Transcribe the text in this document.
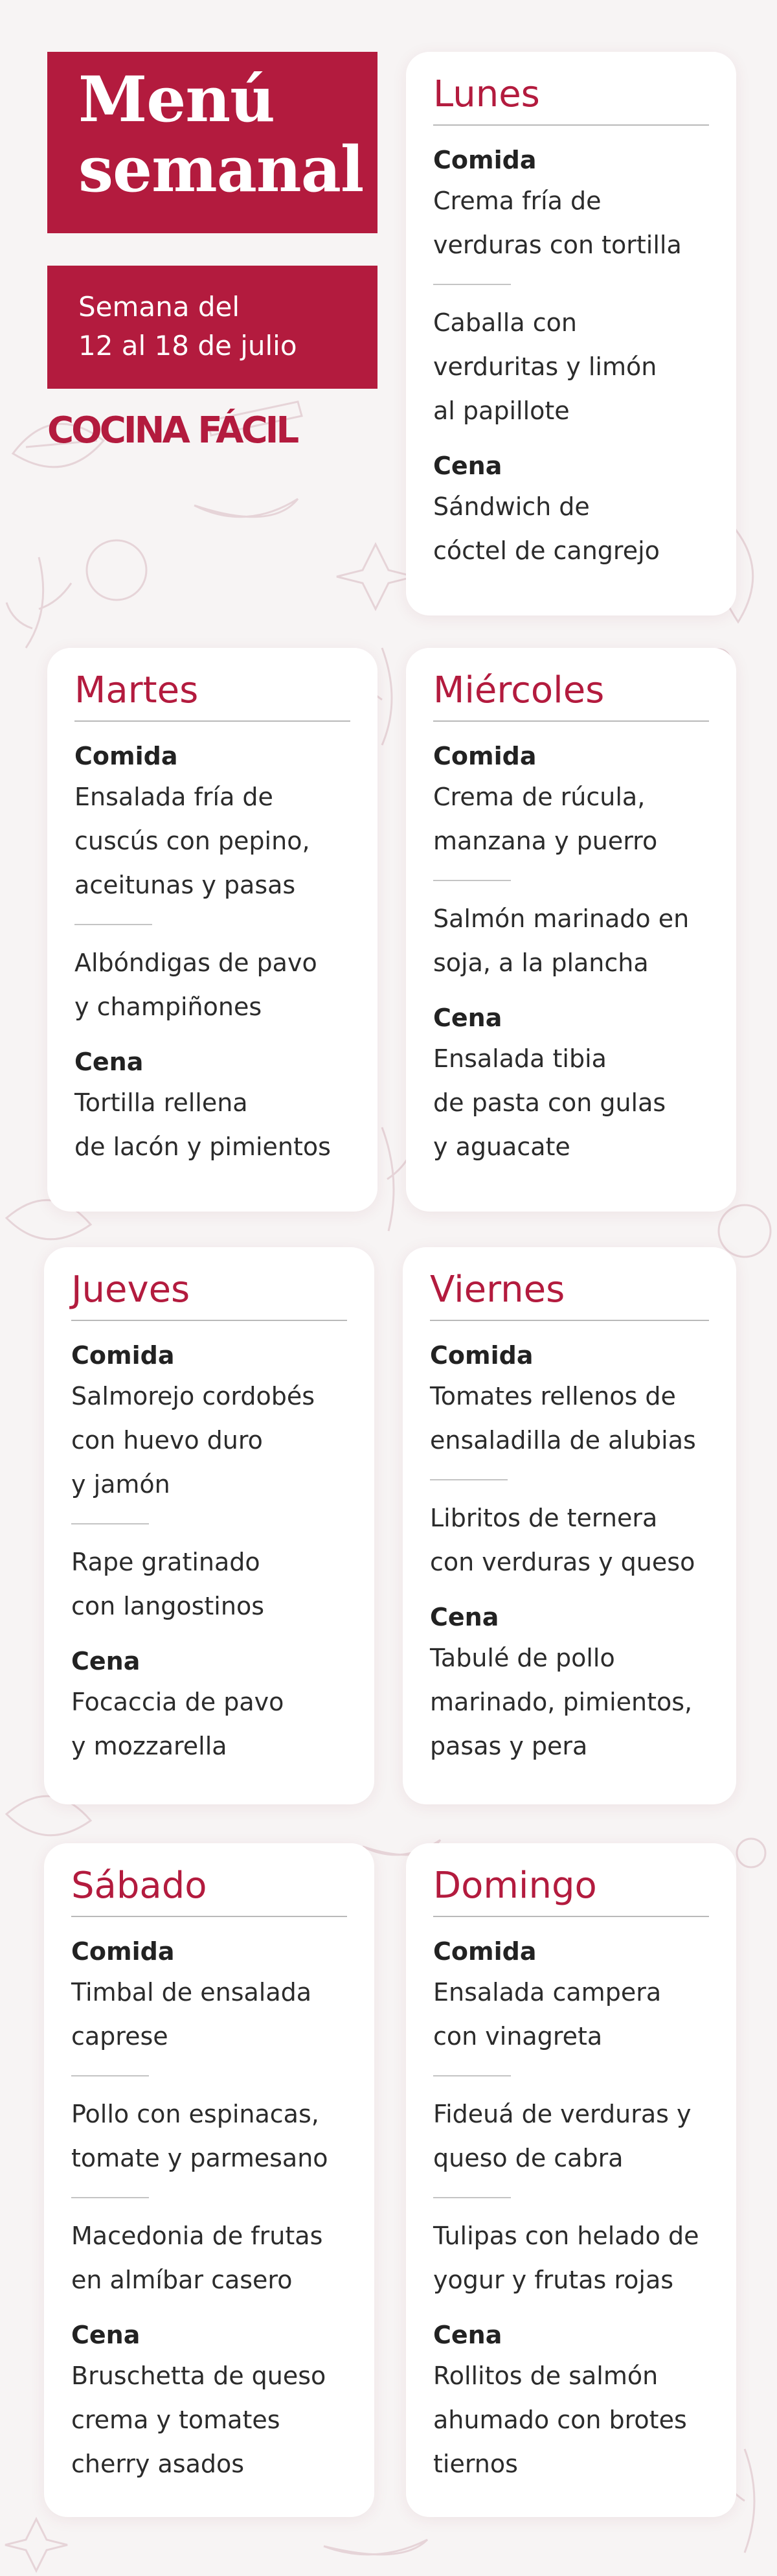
Menú
semanal
Semana del
12 al 18 de julio
COCINA FÁCIL
Lunes
Comida
Crema fría de
verduras con tortilla
Caballa con
verduritas y limón
al papillote
Cena
Sándwich de
cóctel de cangrejo
Martes
Comida
Ensalada fría de
cuscús con pepino,
aceitunas y pasas
Albóndigas de pavo
y champiñones
Cena
Tortilla rellena
de lacón y pimientos
Miércoles
Comida
Crema de rúcula,
manzana y puerro
Salmón marinado en
soja, a la plancha
Cena
Ensalada tibia
de pasta con gulas
y aguacate
Jueves
Comida
Salmorejo cordobés
con huevo duro
y jamón
Rape gratinado
con langostinos
Cena
Focaccia de pavo
y mozzarella
Viernes
Comida
Tomates rellenos de
ensaladilla de alubias
Libritos de ternera
con verduras y queso
Cena
Tabulé de pollo
marinado, pimientos,
pasas y pera
Sábado
Comida
Timbal de ensalada
caprese
Pollo con espinacas,
tomate y parmesano
Macedonia de frutas
en almíbar casero
Cena
Bruschetta de queso
crema y tomates
cherry asados
Domingo
Comida
Ensalada campera
con vinagreta
Fideuá de verduras y
queso de cabra
Tulipas con helado de
yogur y frutas rojas
Cena
Rollitos de salmón
ahumado con brotes
tiernos
